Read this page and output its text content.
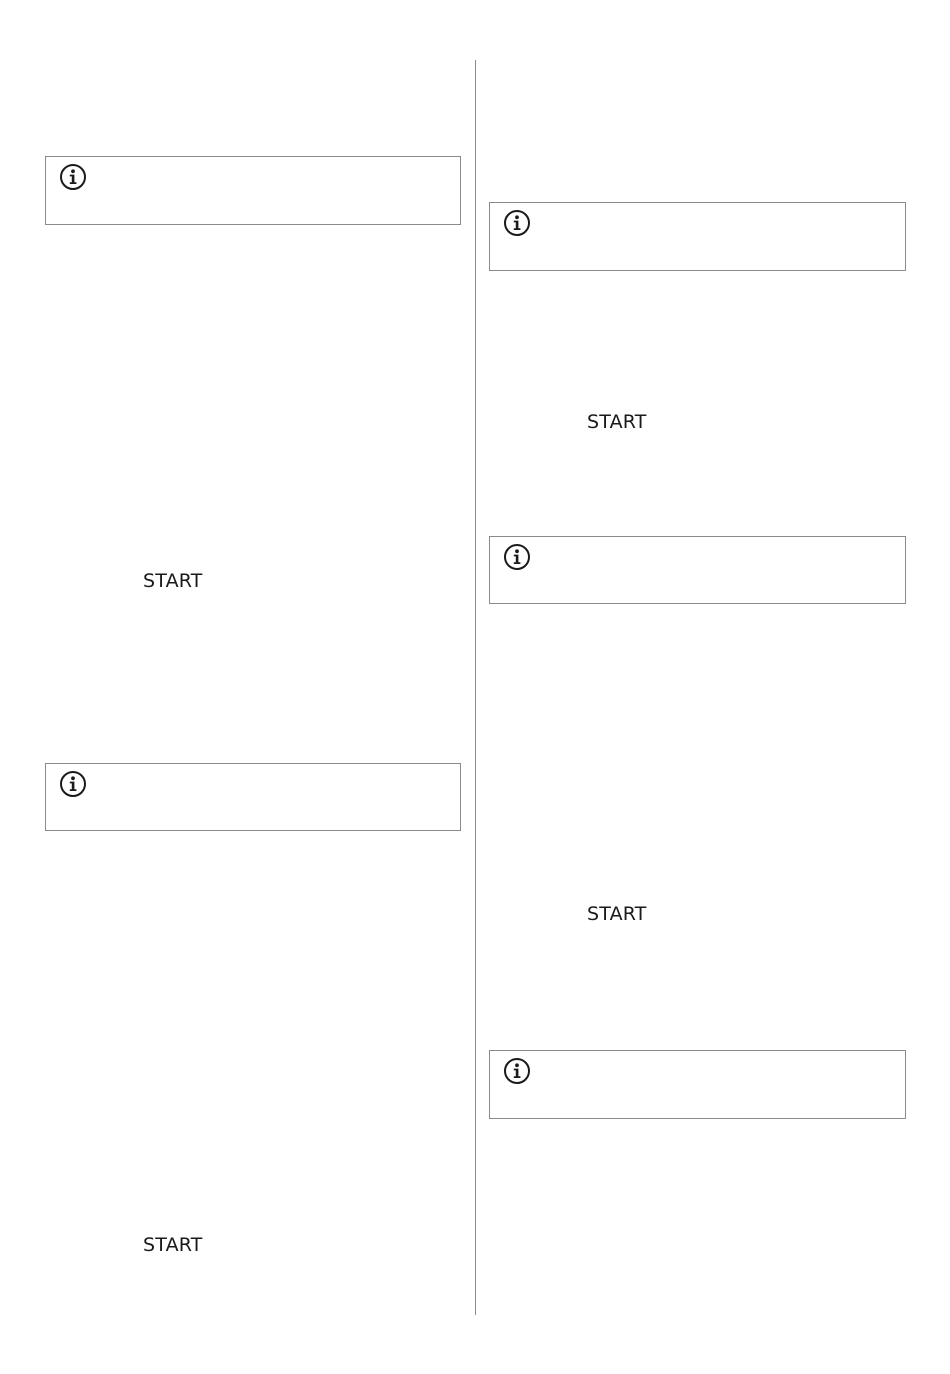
START
START
START
START
